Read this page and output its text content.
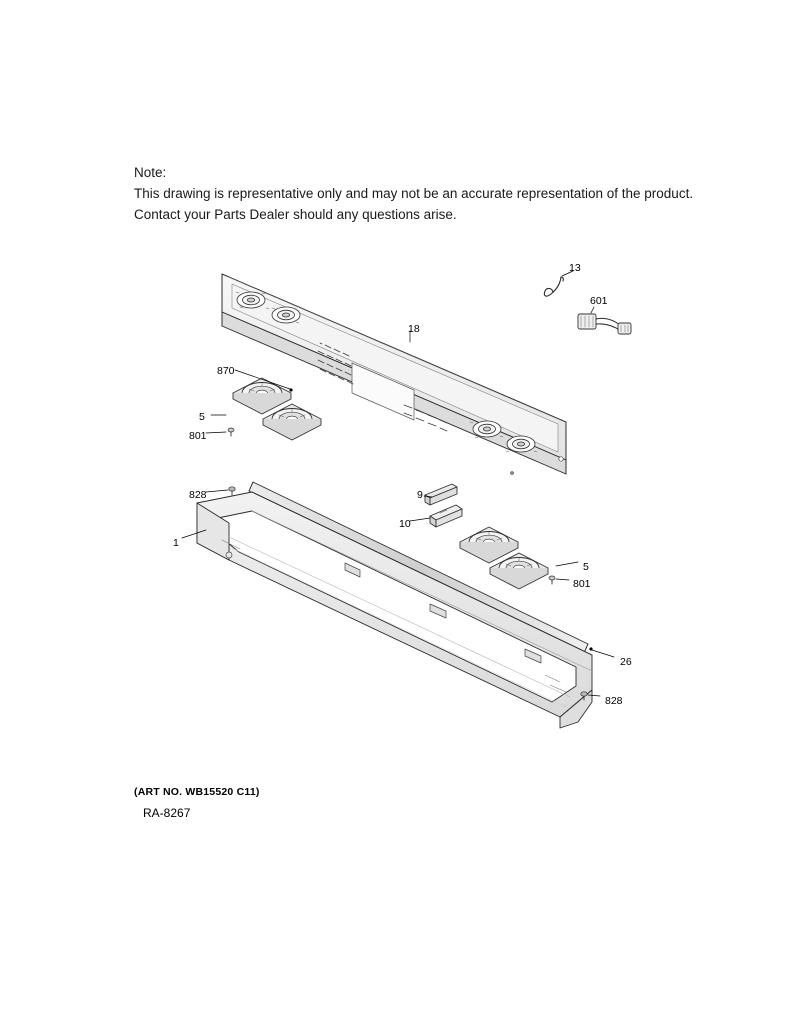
Note:
This drawing is representative only and may not be an accurate representation of the product.
Contact your Parts Dealer should any questions arise.
13
601
18
870
5
801
828	9
10
1
5
801
26
828
(ART NO. WB15520 C11)
RA-8267
